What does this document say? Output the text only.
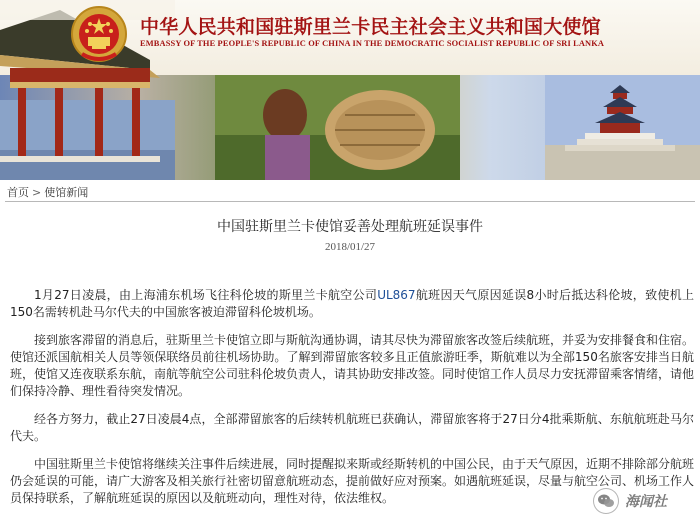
中华人民共和国驻斯里兰卡民主社会主义共和国大使馆
EMBASSY OF THE PEOPLE'S REPUBLIC OF CHINA IN THE DEMOCRATIC SOCIALIST REPUBLIC OF SRI LANKA
首页 > 使馆新闻
中国驻斯里兰卡使馆妥善处理航班延误事件
2018/01/27

1月27日凌晨，由上海浦东机场飞往科伦坡的斯里兰卡航空公司UL867航班因天气原因延误8小时后抵达科伦坡，致使机上150名需转机赴马尔代夫的中国旅客被迫滞留科伦坡机场。

接到旅客滞留的消息后，驻斯里兰卡使馆立即与斯航沟通协调，请其尽快为滞留旅客改签后续航班，并妥为安排餐食和住宿。使馆还派国航相关人员等领保联络员前往机场协助。了解到滞留旅客较多且正值旅游旺季，斯航难以为全部150名旅客安排当日航班，使馆又连夜联系东航，南航等航空公司驻科伦坡负责人，请其协助安排改签。同时使馆工作人员尽力安抚滞留乘客情绪，请他们保持冷静、理性看待突发情况。

经各方努力，截止27日凌晨4点，全部滞留旅客的后续转机航班已获确认，滞留旅客将于27日分4批乘斯航、东航航班赴马尔代夫。

中国驻斯里兰卡使馆将继续关注事件后续进展，同时提醒拟来斯或经斯转机的中国公民，由于天气原因，近期不排除部分航班仍会延误的可能，请广大游客及相关旅行社密切留意航班动态，提前做好应对预案。如遇航班延误，尽量与航空公司、机场工作人员保持联系，了解航班延误的原因以及航班动向，理性对待，依法维权。	海闻社
